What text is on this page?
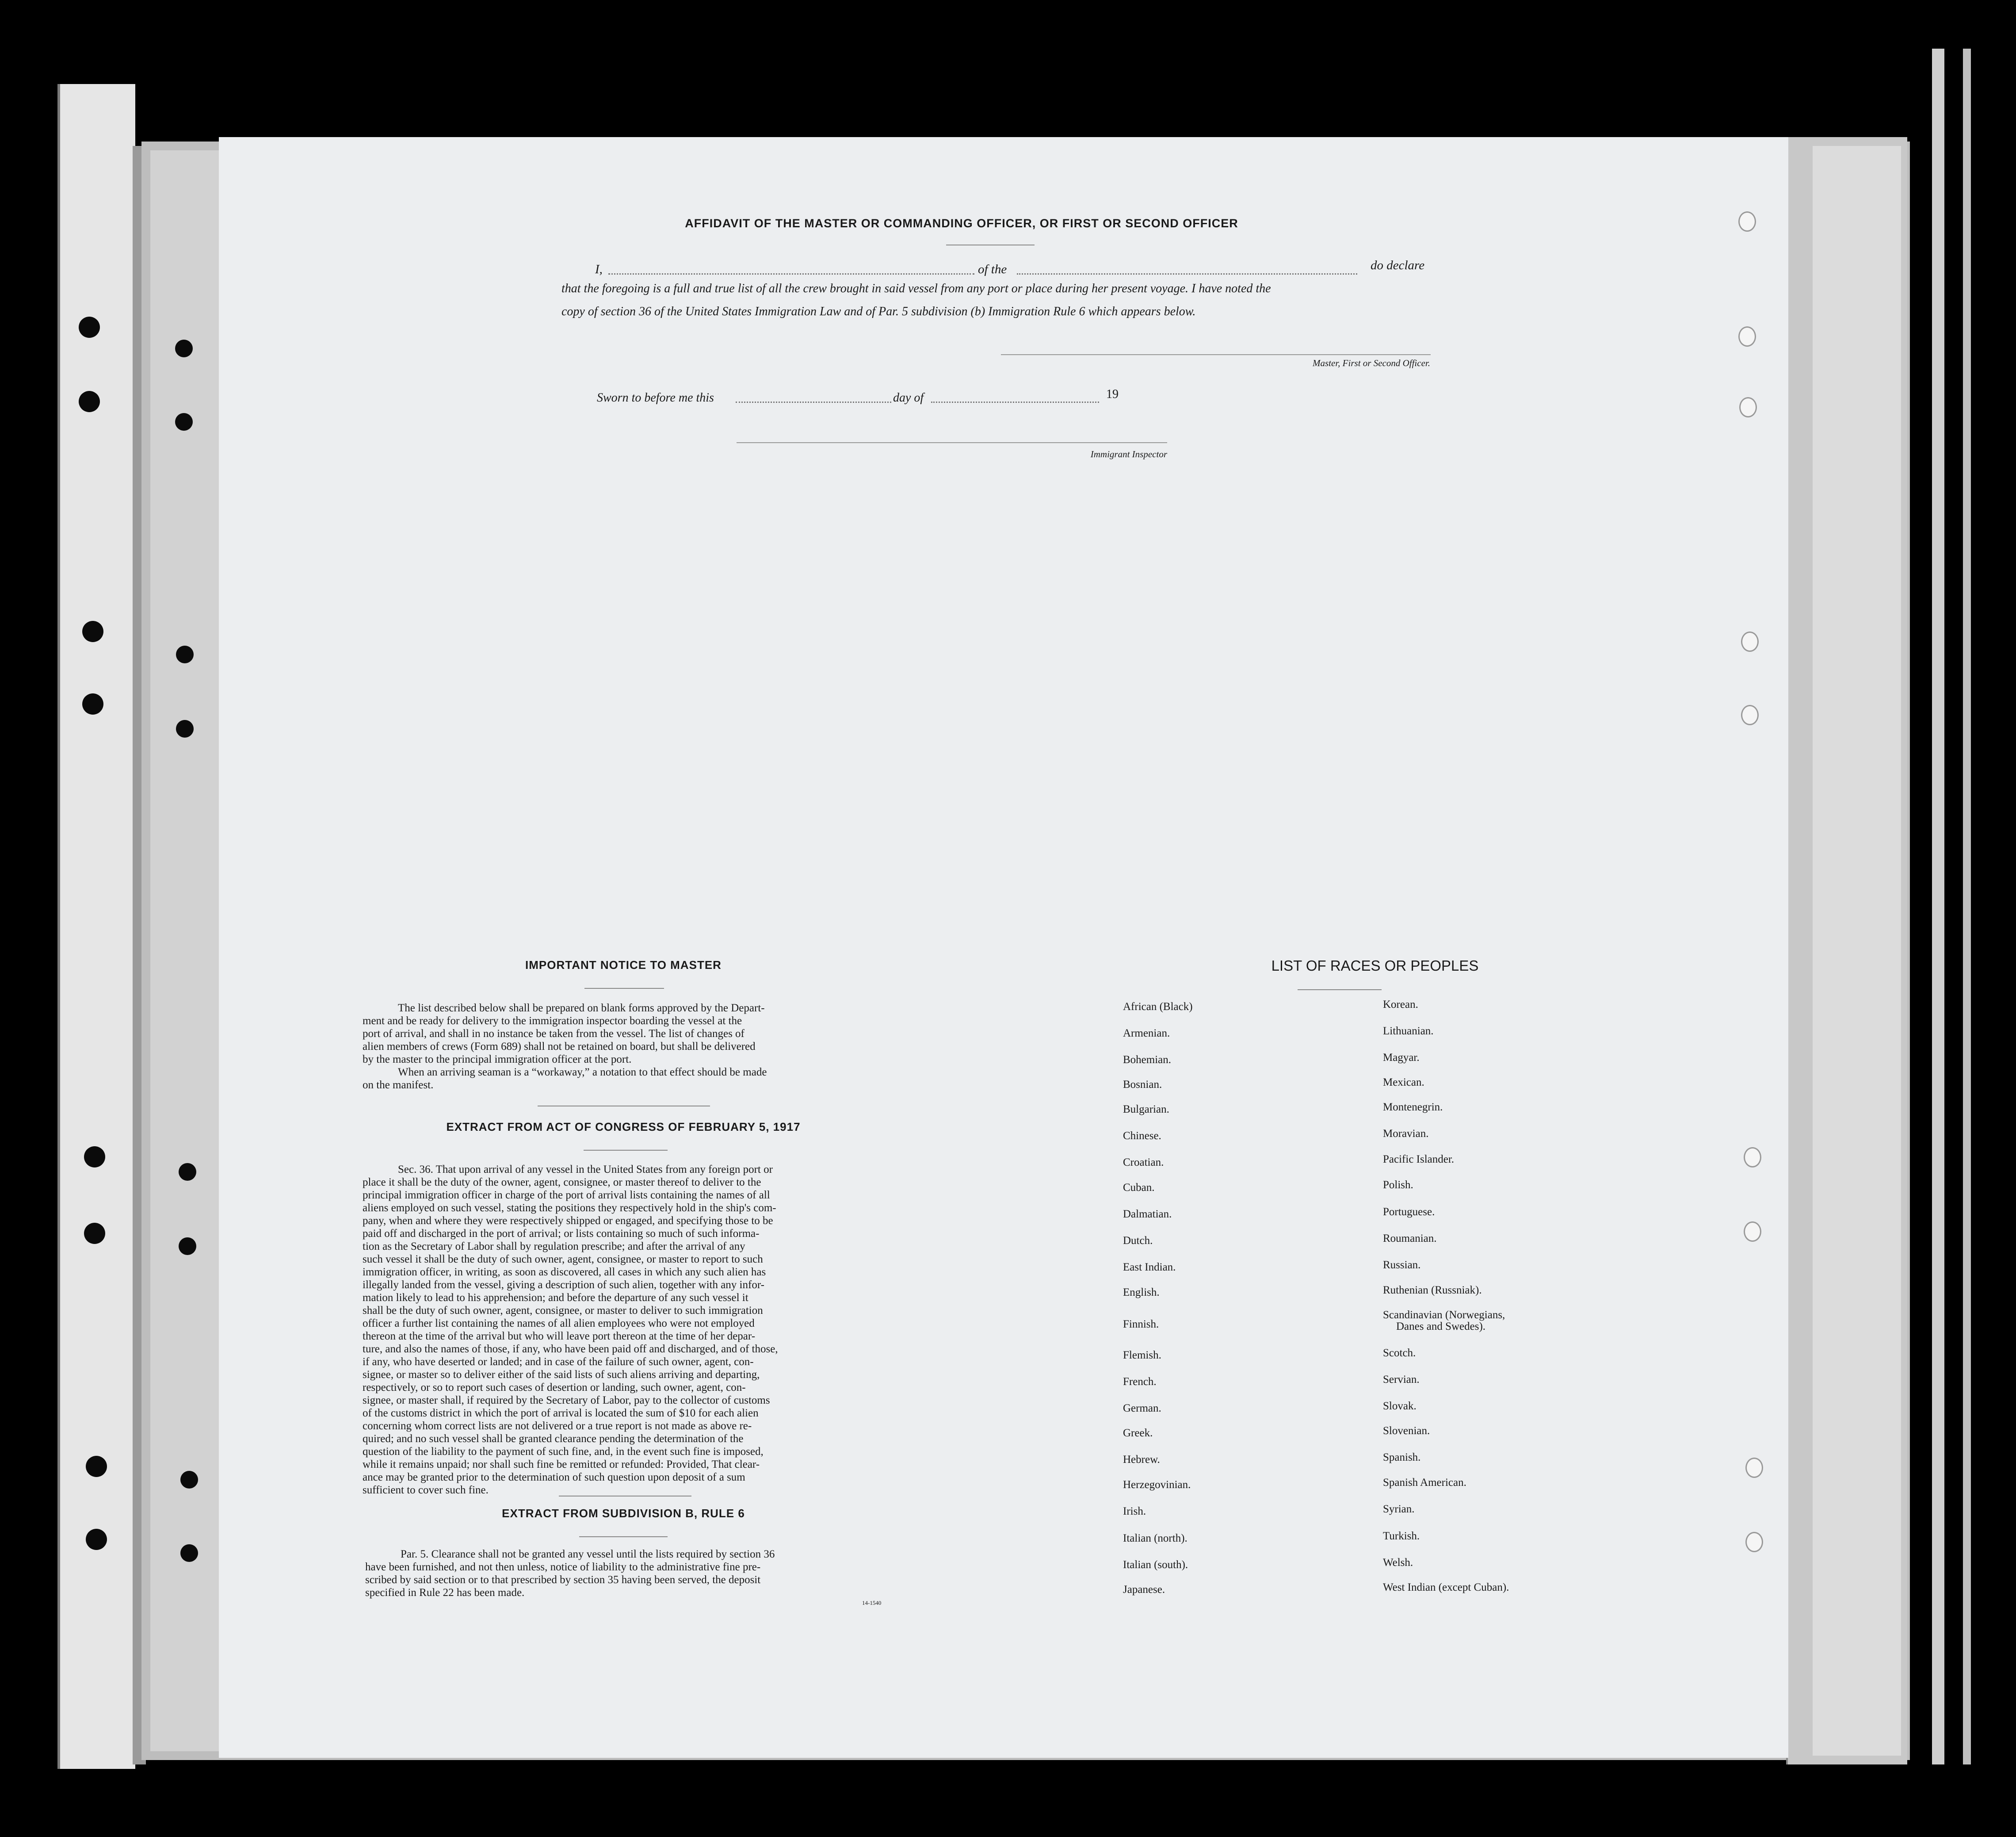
AFFIDAVIT OF THE MASTER OR COMMANDING OFFICER, OR FIRST OR SECOND OFFICER
I,	of the	do declare
that the foregoing is a full and true list of all the crew brought in said vessel from any port or place during her present voyage. I have noted the
copy of section 36 of the United States Immigration Law and of Par. 5 subdivision (b) Immigration Rule 6 which appears below.
Master, First or Second Officer.
Sworn to before me this	day of	19
Immigrant Inspector
IMPORTANT NOTICE TO MASTER
The list described below shall be prepared on blank forms approved by the Depart-
ment and be ready for delivery to the immigration inspector boarding the vessel at the
port of arrival, and shall in no instance be taken from the vessel. The list of changes of
alien members of crews (Form 689) shall not be retained on board, but shall be delivered
by the master to the principal immigration officer at the port.
When an arriving seaman is a “workaway,” a notation to that effect should be made
on the manifest.
EXTRACT FROM ACT OF CONGRESS OF FEBRUARY 5, 1917
Sec. 36. That upon arrival of any vessel in the United States from any foreign port or
place it shall be the duty of the owner, agent, consignee, or master thereof to deliver to the
principal immigration officer in charge of the port of arrival lists containing the names of all
aliens employed on such vessel, stating the positions they respectively hold in the ship's com-
pany, when and where they were respectively shipped or engaged, and specifying those to be
paid off and discharged in the port of arrival; or lists containing so much of such informa-
tion as the Secretary of Labor shall by regulation prescribe; and after the arrival of any
such vessel it shall be the duty of such owner, agent, consignee, or master to report to such
immigration officer, in writing, as soon as discovered, all cases in which any such alien has
illegally landed from the vessel, giving a description of such alien, together with any infor-
mation likely to lead to his apprehension; and before the departure of any such vessel it
shall be the duty of such owner, agent, consignee, or master to deliver to such immigration
officer a further list containing the names of all alien employees who were not employed
thereon at the time of the arrival but who will leave port thereon at the time of her depar-
ture, and also the names of those, if any, who have been paid off and discharged, and of those,
if any, who have deserted or landed; and in case of the failure of such owner, agent, con-
signee, or master so to deliver either of the said lists of such aliens arriving and departing,
respectively, or so to report such cases of desertion or landing, such owner, agent, con-
signee, or master shall, if required by the Secretary of Labor, pay to the collector of customs
of the customs district in which the port of arrival is located the sum of $10 for each alien
concerning whom correct lists are not delivered or a true report is not made as above re-
quired; and no such vessel shall be granted clearance pending the determination of the
question of the liability to the payment of such fine, and, in the event such fine is imposed,
while it remains unpaid; nor shall such fine be remitted or refunded: Provided, That clear-
ance may be granted prior to the determination of such question upon deposit of a sum
sufficient to cover such fine.
EXTRACT FROM SUBDIVISION B, RULE 6
Par. 5. Clearance shall not be granted any vessel until the lists required by section 36
have been furnished, and not then unless, notice of liability to the administrative fine pre-
scribed by said section or to that prescribed by section 35 having been served, the deposit
specified in Rule 22 has been made.
14-1540
LIST OF RACES OR PEOPLES
African (Black)
Armenian.
Bohemian.
Bosnian.
Bulgarian.
Chinese.
Croatian.
Cuban.
Dalmatian.
Dutch.
East Indian.
English.
Finnish.
Flemish.
French.
German.
Greek.
Hebrew.
Herzegovinian.
Irish.
Italian (north).
Italian (south).
Japanese.
Korean.
Lithuanian.
Magyar.
Mexican.
Montenegrin.
Moravian.
Pacific Islander.
Polish.
Portuguese.
Roumanian.
Russian.
Ruthenian (Russniak).
Scandinavian (Norwegians,
Danes and Swedes).
Scotch.
Servian.
Slovak.
Slovenian.
Spanish.
Spanish American.
Syrian.
Turkish.
Welsh.
West Indian (except Cuban).
